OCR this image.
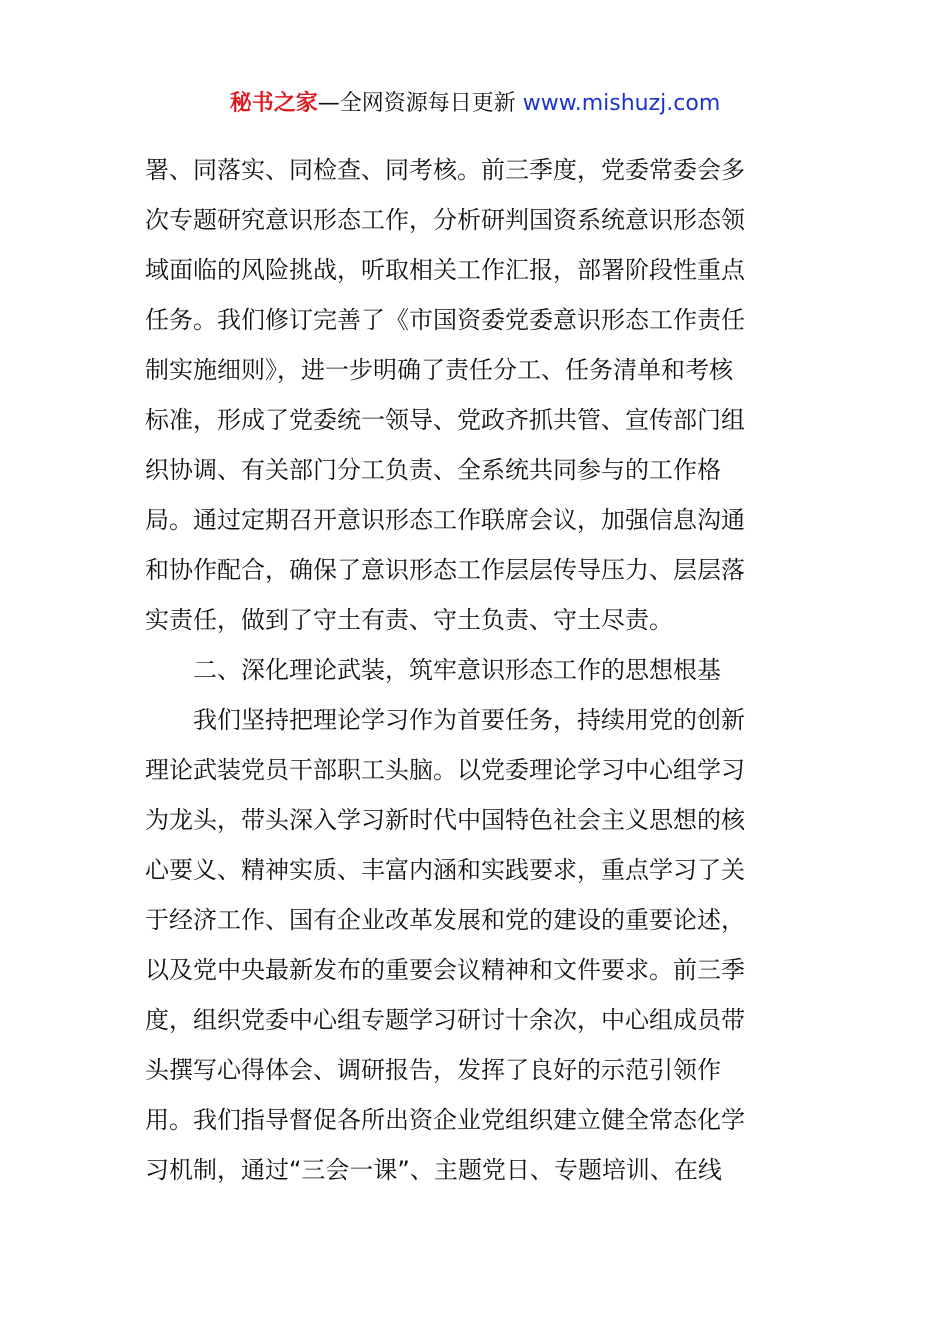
秘书之家—全网资源每日更新 www.mishuzj.com
署、同落实、同检查、同考核。前三季度，党委常委会多
次专题研究意识形态工作，分析研判国资系统意识形态领
域面临的风险挑战，听取相关工作汇报，部署阶段性重点
任务。我们修订完善了《市国资委党委意识形态工作责任
制实施细则》，进一步明确了责任分工、任务清单和考核
标准，形成了党委统一领导、党政齐抓共管、宣传部门组
织协调、有关部门分工负责、全系统共同参与的工作格
局。通过定期召开意识形态工作联席会议，加强信息沟通
和协作配合，确保了意识形态工作层层传导压力、层层落
实责任，做到了守土有责、守土负责、守土尽责。
二、深化理论武装，筑牢意识形态工作的思想根基
我们坚持把理论学习作为首要任务，持续用党的创新
理论武装党员干部职工头脑。以党委理论学习中心组学习
为龙头，带头深入学习新时代中国特色社会主义思想的核
心要义、精神实质、丰富内涵和实践要求，重点学习了关
于经济工作、国有企业改革发展和党的建设的重要论述，
以及党中央最新发布的重要会议精神和文件要求。前三季
度，组织党委中心组专题学习研讨十余次，中心组成员带
头撰写心得体会、调研报告，发挥了良好的示范引领作
用。我们指导督促各所出资企业党组织建立健全常态化学
习机制，通过“三会一课”、主题党日、专题培训、在线
